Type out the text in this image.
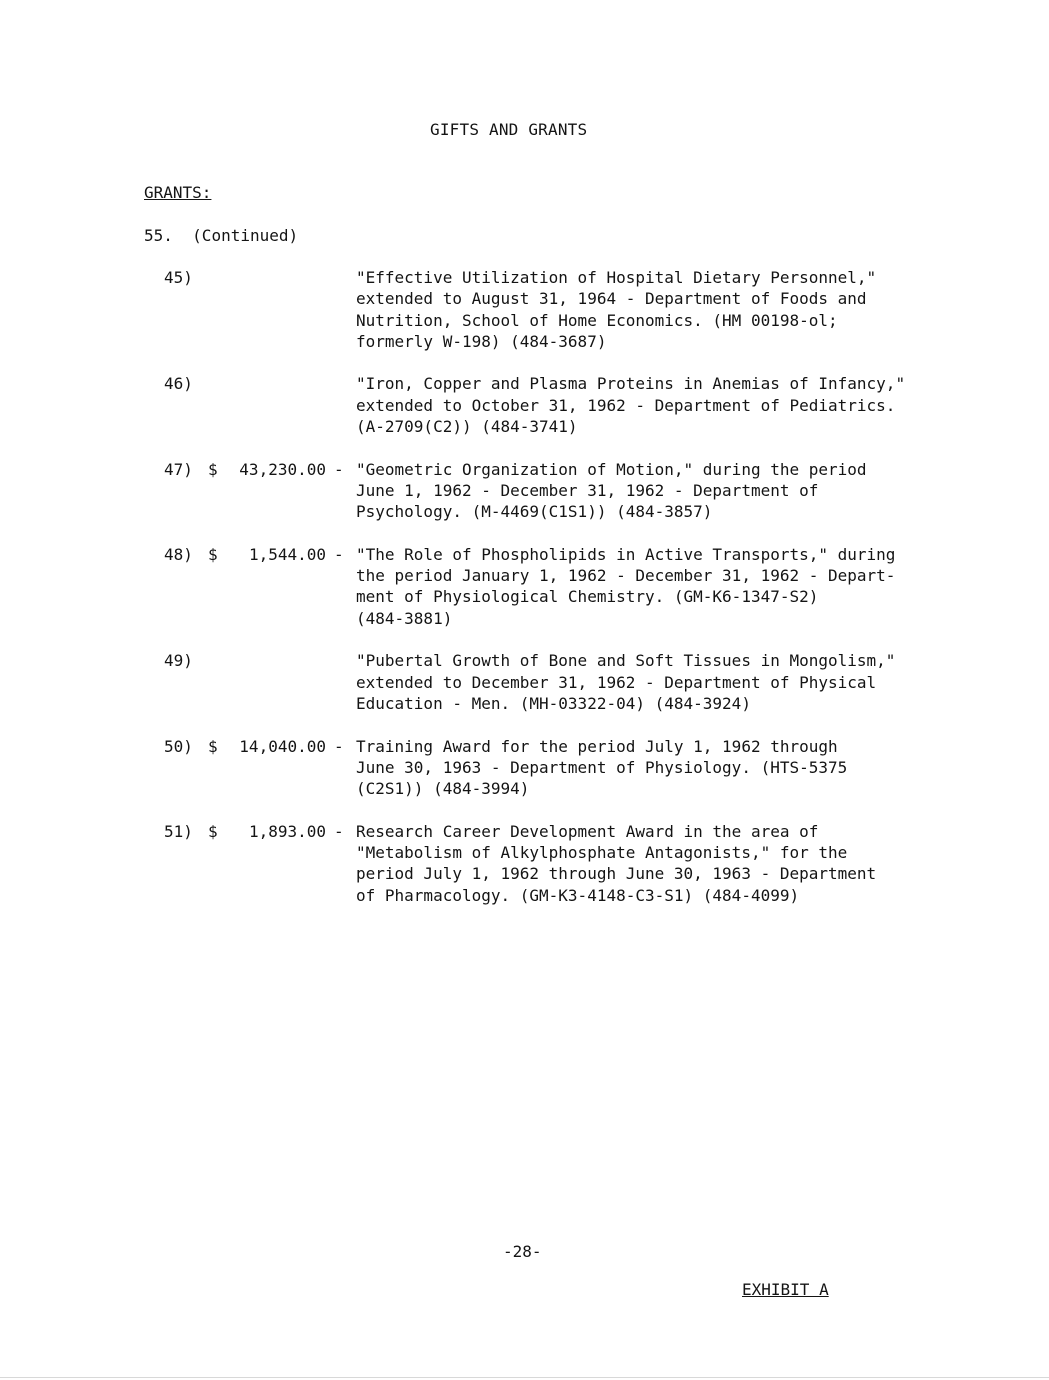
GIFTS AND GRANTS
GRANTS:
55. (Continued)
45)	"Effective Utilization of Hospital Dietary Personnel,"
extended to August 31, 1964 - Department of Foods and
Nutrition, School of Home Economics. (HM 00198-ol;
formerly W-198) (484-3687)
46)	"Iron, Copper and Plasma Proteins in Anemias of Infancy,"
extended to October 31, 1962 - Department of Pediatrics.
(A-2709(C2)) (484-3741)
47) $ 43,230.00 - "Geometric Organization of Motion," during the period
June 1, 1962 - December 31, 1962 - Department of
Psychology. (M-4469(C1S1)) (484-3857)
48) $ 1,544.00 - "The Role of Phospholipids in Active Transports," during
the period January 1, 1962 - December 31, 1962 - Depart-
ment of Physiological Chemistry. (GM-K6-1347-S2)
(484-3881)
49)	"Pubertal Growth of Bone and Soft Tissues in Mongolism,"
extended to December 31, 1962 - Department of Physical
Education - Men. (MH-03322-04) (484-3924)
50) $ 14,040.00 - Training Award for the period July 1, 1962 through
June 30, 1963 - Department of Physiology. (HTS-5375
(C2S1)) (484-3994)
51) $ 1,893.00 - Research Career Development Award in the area of
"Metabolism of Alkylphosphate Antagonists," for the
period July 1, 1962 through June 30, 1963 - Department
of Pharmacology. (GM-K3-4148-C3-S1) (484-4099)
-28-
EXHIBIT A
